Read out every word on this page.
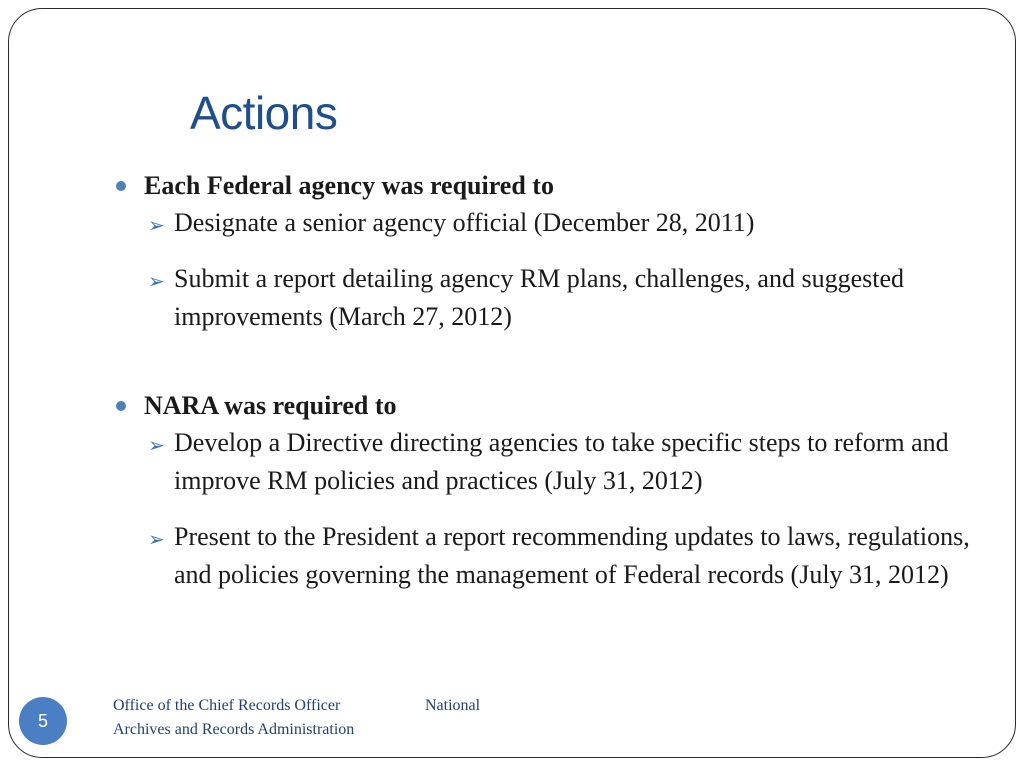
Actions

Each Federal agency was required to

➢ Designate a senior agency official (December 28, 2011)
➢ Submit a report detailing agency RM plans, challenges, and suggested improvements (March 27, 2012)

NARA was required to

➢ Develop a Directive directing agencies to take specific steps to reform and improve RM policies and practices (July 31, 2012)
➢ Present to the President a report recommending updates to laws, regulations, and policies governing the management of Federal records (July 31, 2012)
5
Office of the Chief Records Officer	National
Archives and Records Administration
